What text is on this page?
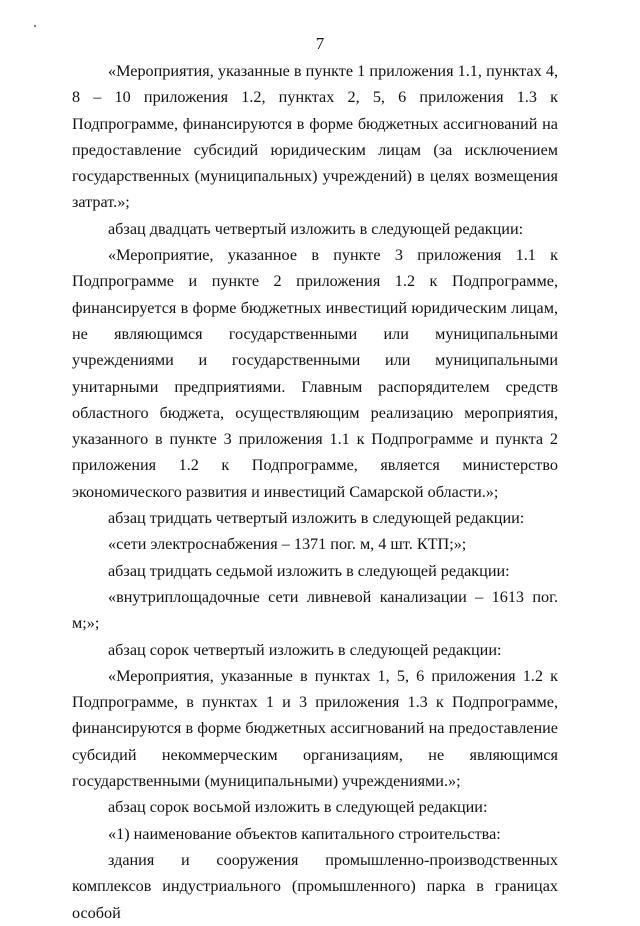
7

«Мероприятия, указанные в пункте 1 приложения 1.1, пунктах 4, 8 – 10 приложения 1.2, пунктах 2, 5, 6 приложения 1.3 к Подпрограмме, финансируются в форме бюджетных ассигнований на предоставление субсидий юридическим лицам (за исключением государственных (муниципальных) учреждений) в целях возмещения затрат.»;

абзац двадцать четвертый изложить в следующей редакции:

«Мероприятие, указанное в пункте 3 приложения 1.1 к Подпрограмме и пункте 2 приложения 1.2 к Подпрограмме, финансируется в форме бюджетных инвестиций юридическим лицам, не являющимся государственными или муниципальными учреждениями и государственными или муниципальными унитарными предприятиями. Главным распорядителем средств областного бюджета, осуществляющим реализацию мероприятия, указанного в пункте 3 приложения 1.1 к Подпрограмме и пункта 2 приложения 1.2 к Подпрограмме, является министерство экономического развития и инвестиций Самарской области.»;

абзац тридцать четвертый изложить в следующей редакции:

«сети электроснабжения – 1371 пог. м, 4 шт. КТП;»;

абзац тридцать седьмой изложить в следующей редакции:

«внутриплощадочные сети ливневой канализации – 1613 пог. м;»;

абзац сорок четвертый изложить в следующей редакции:

«Мероприятия, указанные в пунктах 1, 5, 6 приложения 1.2 к Подпрограмме, в пунктах 1 и 3 приложения 1.3 к Подпрограмме, финансируются в форме бюджетных ассигнований на предоставление субсидий некоммерческим организациям, не являющимся государственными (муниципальными) учреждениями.»;

абзац сорок восьмой изложить в следующей редакции:

«1) наименование объектов капитального строительства:

здания и сооружения промышленно-производственных комплексов индустриального (промышленного) парка в границах особой
